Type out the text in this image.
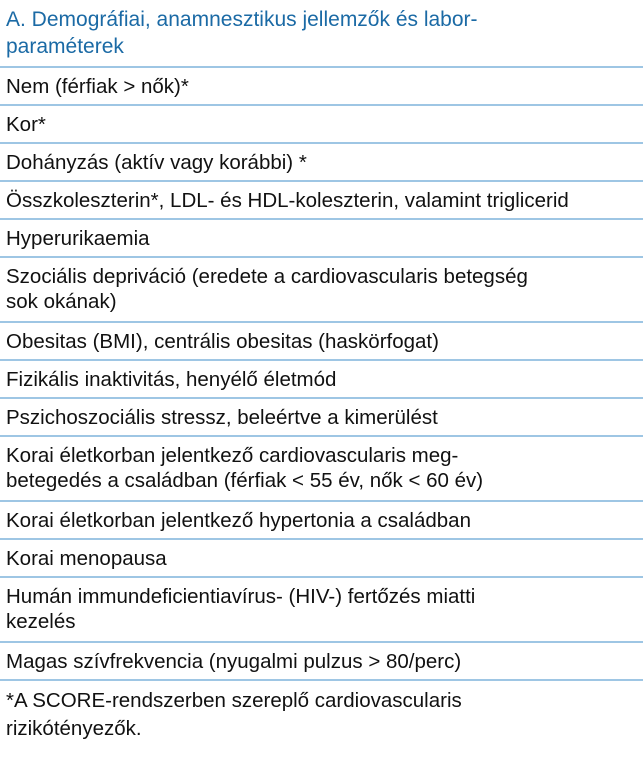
A. Demográfiai, anamnesztikus jellemzők és labor-
paraméterek
Nem (férfiak > nők)*
Kor*
Dohányzás (aktív vagy korábbi) *
Összkoleszterin*, LDL- és HDL-koleszterin, valamint triglicerid
Hyperurikaemia
Szociális depriváció (eredete a cardiovascularis betegség
sok okának)
Obesitas (BMI), centrális obesitas (haskörfogat)
Fizikális inaktivitás, henyélő életmód
Pszichoszociális stressz, beleértve a kimerülést
Korai életkorban jelentkező cardiovascularis meg-
betegedés a családban (férfiak < 55 év, nők < 60 év)
Korai életkorban jelentkező hypertonia a családban
Korai menopausa
Humán immundeficientiavírus- (HIV-) fertőzés miatti
kezelés
Magas szívfrekvencia (nyugalmi pulzus > 80/perc)
*A SCORE-rendszerben szereplő cardiovascularis
rizikótényezők.
